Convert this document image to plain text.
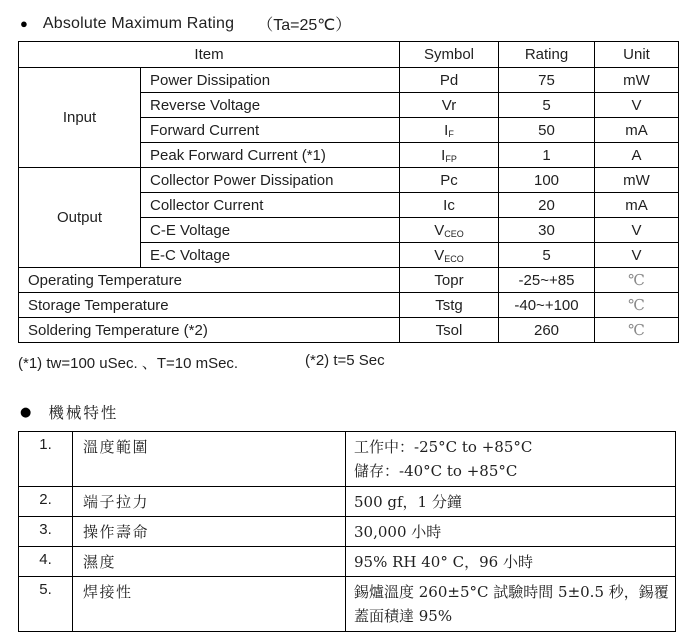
● Absolute Maximum Rating （Ta=25℃）
Item		Symbol	Rating	Unit
Input	Power Dissipation	Pd	75	mW
	Reverse Voltage	Vr	5	V
	Forward Current	$I_F$	50	mA
	Peak Forward Current (*1)	$I_{FP}$	1	A
Output	Collector Power Dissipation	Pc	100	mW
	Collector Current	Ic	20	mA
	C-E Voltage	$V_{CEO}$	30	V
	E-C Voltage	$V_{ECO}$	5	V
Operating Temperature		Topr	-25~+85	℃
Storage Temperature		Tstg	-40~+100	℃
Soldering Temperature (*2)		Tsol	260	℃
(*1) tw=100 uSec. 、T=10 mSec.	(*2) t=5 Sec
● 機械特性
1.	溫度範圍	工作中：-25°C to +85°C
儲存：-40°C to +85°C

2.	端子拉力	500 gf，1 分鐘
3.	操作壽命	30,000 小時
4.	濕度	95% RH 40° C，96 小時
5.	焊接性	錫爐溫度 260±5°C 試驗時間 5±0.5 秒，錫覆蓋面積達 95%
